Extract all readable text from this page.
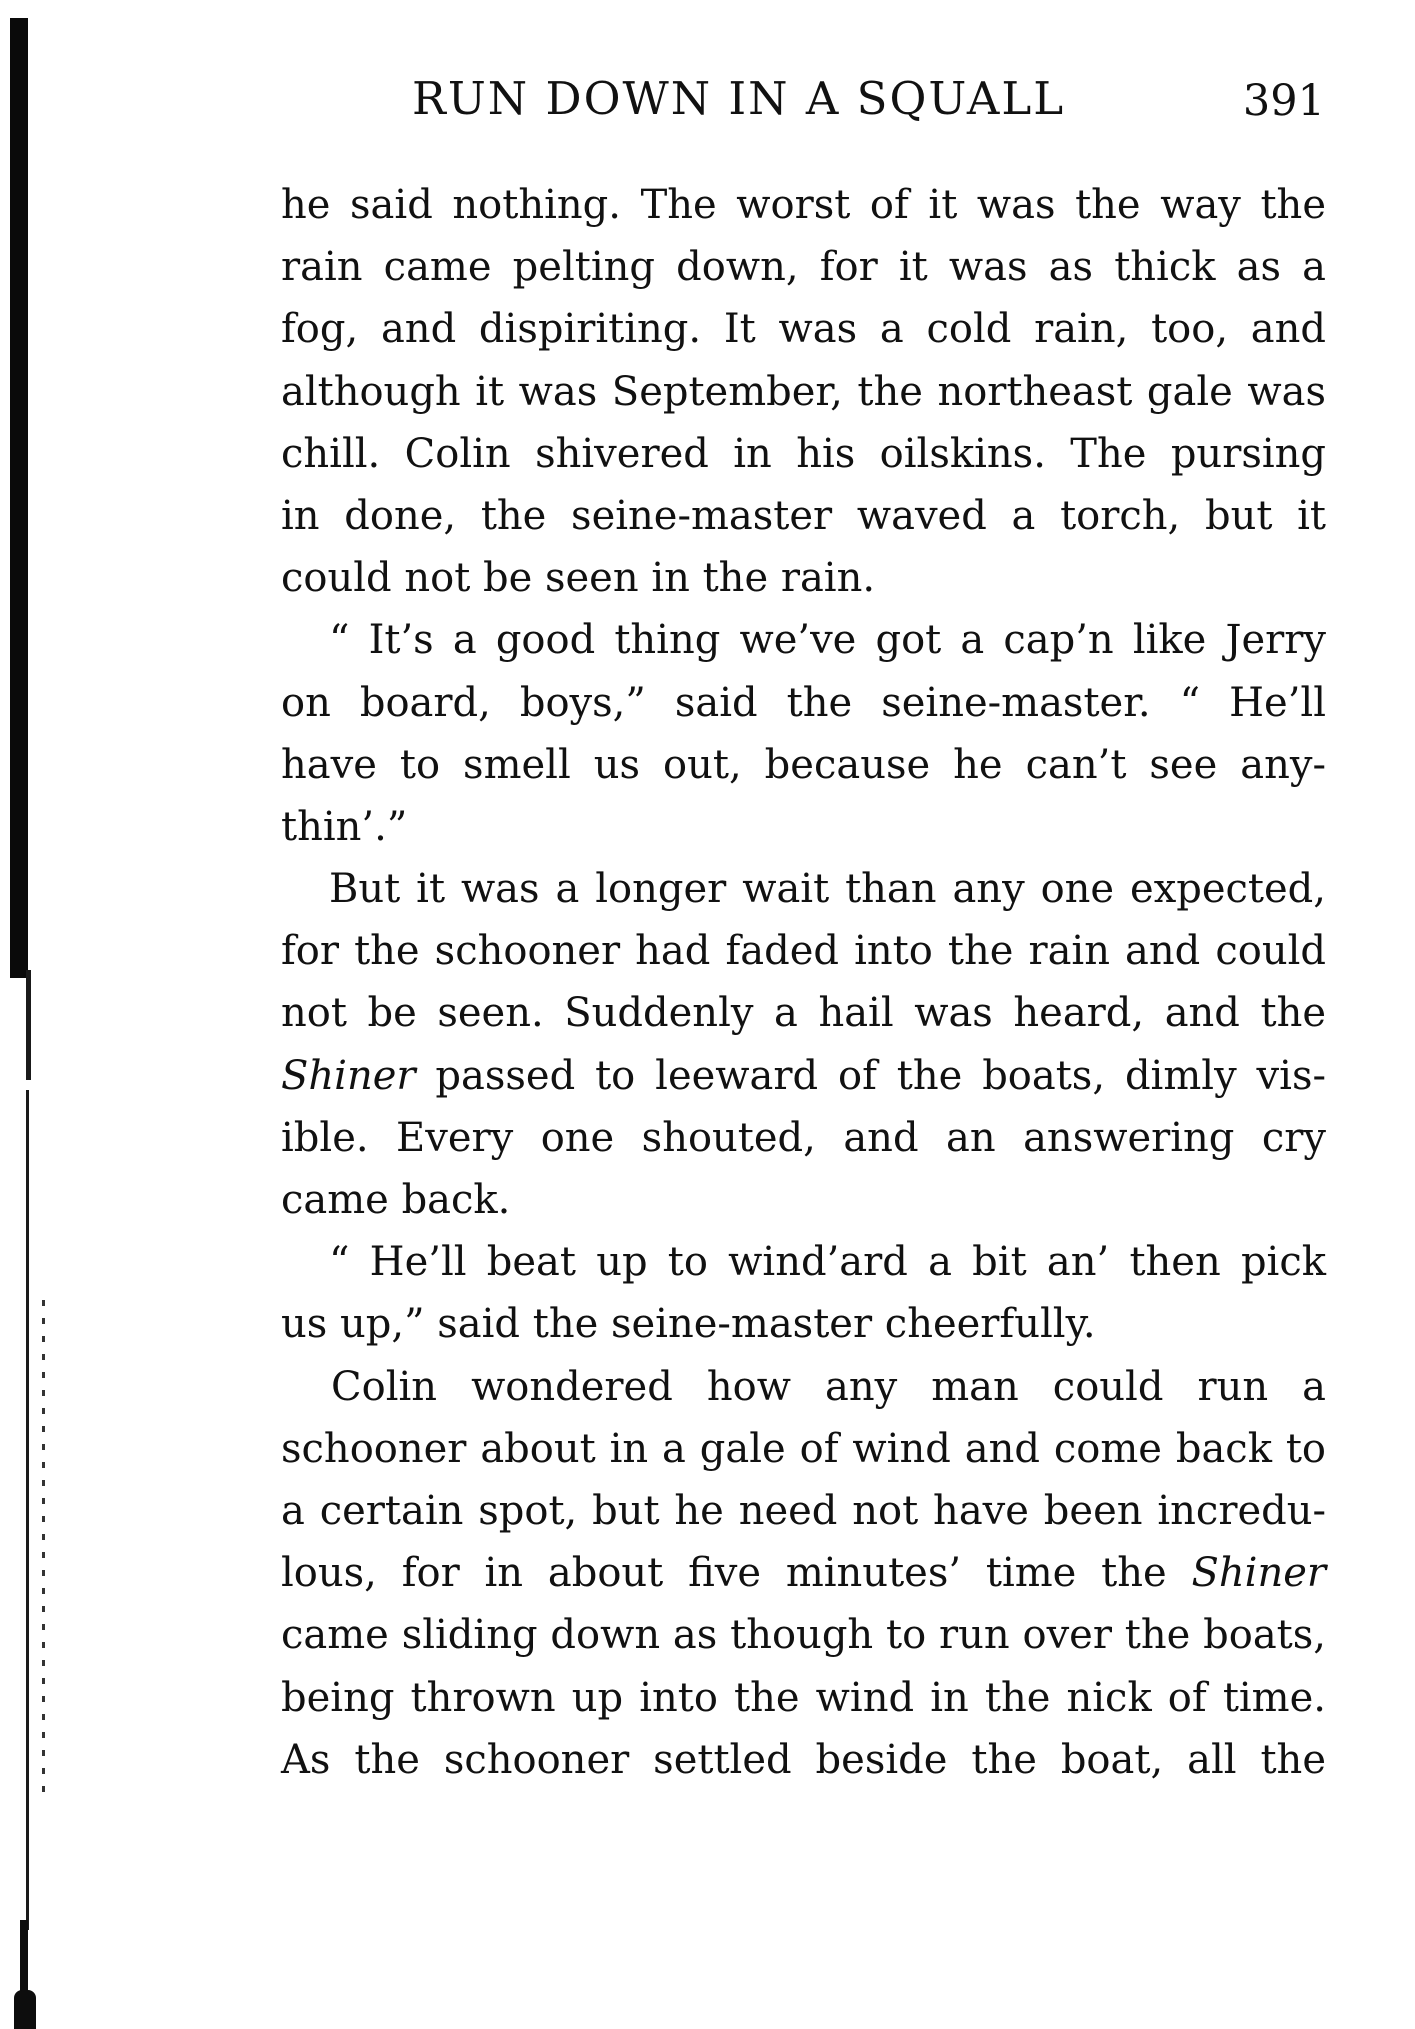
RUN DOWN IN A SQUALL	391
he said nothing. The worst of it was the way the
rain came pelting down, for it was as thick as a
fog, and dispiriting. It was a cold rain, too, and
although it was September, the northeast gale was
chill. Colin shivered in his oilskins. The pursing
in done, the seine-master waved a torch, but it
could not be seen in the rain.
“ It’s a good thing we’ve got a cap’n like Jerry
on board, boys,” said the seine-master. “ He’ll
have to smell us out, because he can’t see any-
thin’.”
But it was a longer wait than any one expected,
for the schooner had faded into the rain and could
not be seen. Suddenly a hail was heard, and the
Shiner passed to leeward of the boats, dimly vis-
ible. Every one shouted, and an answering cry
came back.
“ He’ll beat up to wind’ard a bit an’ then pick
us up,” said the seine-master cheerfully.
Colin wondered how any man could run a
schooner about in a gale of wind and come back to
a certain spot, but he need not have been incredu-
lous, for in about five minutes’ time the Shiner
came sliding down as though to run over the boats,
being thrown up into the wind in the nick of time.
As the schooner settled beside the boat, all the
